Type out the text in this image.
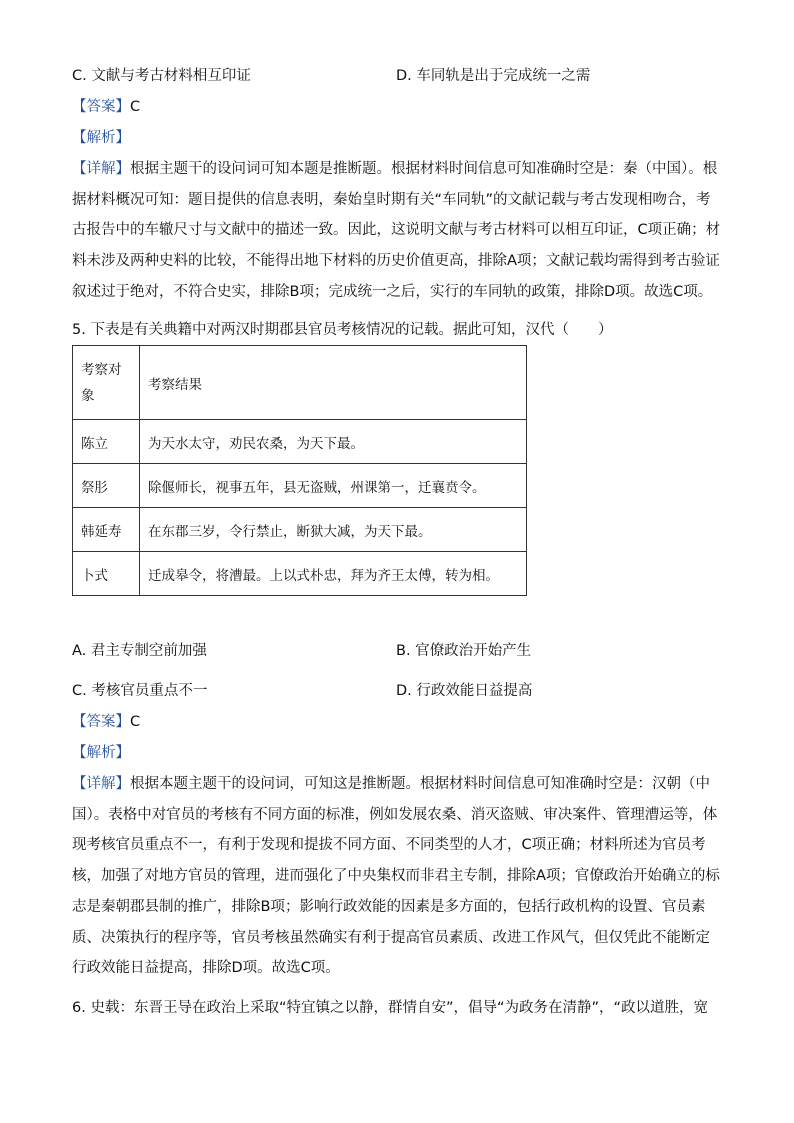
C. 文献与考古材料相互印证	D. 车同轨是出于完成统一之需
【答案】C
【解析】
【详解】根据主题干的设问词可知本题是推断题。根据材料时间信息可知准确时空是：秦（中国）。根据材料概况可知：题目提供的信息表明，秦始皇时期有关“车同轨”的文献记载与考古发现相吻合，考古报告中的车辙尺寸与文献中的描述一致。因此，这说明文献与考古材料可以相互印证，C项正确；材料未涉及两种史料的比较，不能得出地下材料的历史价值更高，排除A项；文献记载均需得到考古验证叙述过于绝对，不符合史实，排除B项；完成统一之后，实行的车同轨的政策，排除D项。故选C项。
5. 下表是有关典籍中对两汉时期郡县官员考核情况的记载。据此可知，汉代（　　）
考察对象	考察结果
陈立	为天水太守，劝民农桑，为天下最。
祭肜	除偃师长，视事五年，县无盗贼，州课第一，迁襄贲令。
韩延寿	在东郡三岁，令行禁止，断狱大减，为天下最。
卜式	迁成皋令，将漕最。上以式朴忠，拜为齐王太傅，转为相。
A. 君主专制空前加强	B. 官僚政治开始产生
C. 考核官员重点不一	D. 行政效能日益提高
【答案】C
【解析】
【详解】根据本题主题干的设问词，可知这是推断题。根据材料时间信息可知准确时空是：汉朝（中国）。表格中对官员的考核有不同方面的标准，例如发展农桑、消灭盗贼、审决案件、管理漕运等，体现考核官员重点不一，有利于发现和提拔不同方面、不同类型的人才，C项正确；材料所述为官员考核，加强了对地方官员的管理，进而强化了中央集权而非君主专制，排除A项；官僚政治开始确立的标志是秦朝郡县制的推广，排除B项；影响行政效能的因素是多方面的，包括行政机构的设置、官员素质、决策执行的程序等，官员考核虽然确实有利于提高官员素质、改进工作风气，但仅凭此不能断定行政效能日益提高，排除D项。故选C项。
6. 史载：东晋王导在政治上采取“特宜镇之以静，群情自安”，倡导“为政务在清静”，“政以道胜，宽
